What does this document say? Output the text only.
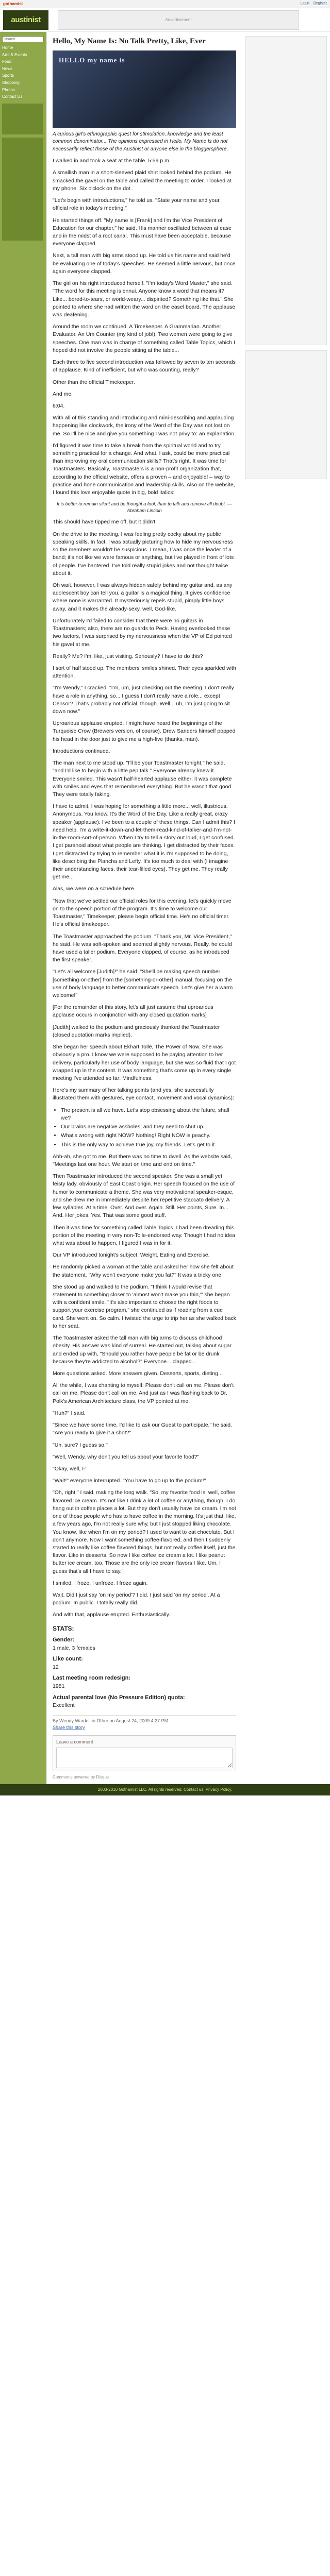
gothamist	Login Register
austinist	Advertisement
Search
Home
Arts & Events
Food
News
Sports
Shopping
Photos
Contact Us
Hello, My Name Is: No Talk Pretty, Like, Ever
HELLO my name is

A curious girl's ethnographic quest for stimulation, knowledge and the least common denominator... The opinions expressed in Hello, My Name Is do not necessarily reflect those of the Austinist or anyone else in the bloggersphere.

I walked in and took a seat at the table. 5:59 p.m.

A smallish man in a short-sleeved plaid shirt looked behind the podium. He smacked the gavel on the table and called the meeting to order. I looked at my phone. Six o'clock on the dot.

"Let's begin with introductions," he told us. "State your name and your official role in today's meeting."

He started things off. "My name is [Frank] and I'm the Vice President of Education for our chapter," he said. His manner oscillated between at ease and in the midst of a root canal. This must have been acceptable, because everyone clapped.

Next, a tall man with big arms stood up. He told us his name and said he'd be evaluating one of today's speeches. He seemed a little nervous, but once again everyone clapped.

The girl on his right introduced herself. "I'm today's Word Master," she said. "The word for this meeting is ennui. Anyone know a word that means it? Like... bored-to-tears, or world-weary... dispirited? Something like that." She pointed to where she had written the word on the easel board. The applause was deafening.

Around the room we continued. A Timekeeper. A Grammarian. Another Evaluator. An Um Counter (my kind of job!). Two women were going to give speeches. One man was in charge of something called Table Topics, which I hoped did not involve the people sitting at the table...

Each three to five second introduction was followed by seven to ten seconds of applause. Kind of inefficient, but who was counting, really?

Other than the official Timekeeper.

And me.

6:04.

With all of this standing and introducing and mini-describing and applauding happening like clockwork, the irony of the Word of the Day was not lost on me. So I'll be nice and give you something I was not privy to: an explanation.

I'd figured it was time to take a break from the spiritual world and to try something practical for a change. And what, I ask, could be more practical than improving my oral communication skills? That's right. It was time for Toastmasters. Basically, Toastmasters is a non-profit organization that, according to the official website, offers a proven – and enjoyable! – way to practice and hone communication and leadership skills. Also on the website, I found this love enjoyable quote in big, bold italics:

It is better to remain silent and be thought a fool, than to talk and remove all doubt. — Abraham Lincoln

This should have tipped me off, but it didn't.

On the drive to the meeting, I was feeling pretty cocky about my public speaking skills. In fact, I was actually picturing how to hide my nervousness so the members wouldn't be suspicious. I mean, I was once the leader of a band; it's not like we were famous or anything, but I've played in front of lots of people. I've bantered. I've told really stupid jokes and not thought twice about it.

Oh wait, however, I was always hidden safely behind my guitar and, as any adolescent boy can tell you, a guitar is a magical thing. It gives confidence where none is warranted. It mysteriously repels stupid, pimply little boys away, and it makes the already-sexy, well, God-like.

Unfortunately I'd failed to consider that there were no guitars in Toastmasters; also, there are no guards to Peck. Having overlooked these two factors, I was surprised by my nervousness when the VP of Ed pointed his gavel at me.

Really? Me? I'm, like, just visiting. Seriously? I have to do this?

I sort of half stood up. The members' smiles shined. Their eyes sparkled with attention.

"I'm Wendy," I cracked. "I'm, um, just checking out the meeting. I don't really have a role in anything, so... I guess I don't really have a role... except Censor? That's probably not official, though. Well... uh, I'm just going to sit down now."

Uproarious applause erupted. I might have heard the beginnings of the Turquoise Crow (Brewers version, of course). Drew Sanders himself popped his head in the door just to give me a high-five (thanks, man).

Introductions continued.

The man next to me stood up. "I'll be your Toastmaster tonight," he said, "and I'd like to begin with a little pep talk." Everyone already knew it. Everyone smiled. This wasn't half-hearted applause either: it was complete with smiles and eyes that remembered everything. But he wasn't that good. They were totally faking.

I have to admit, I was hoping for something a little more... well, illustrious. Anonymous. You know. It's the Word of the Day. Like a really great, crazy speaker (applause). I've been to a couple of these things. Can I admit this? I need help. I'm a write-it-down-and-let-them-read-kind-of-talker-and-I'm-not-in-the-room-sort-of-person. When I try to tell a story out loud, I get confused. I get paranoid about what people are thinking. I get distracted by their faces. I get distracted by trying to remember what it is I'm supposed to be doing, like describing the Plancha and Lefty. It's too much to deal with (I imagine their understanding faces, their tear-filled eyes). They get me. They really get me...

Alas, we were on a schedule here.

"Now that we've settled our official roles for this evening, let's quickly move on to the speech portion of the program. It's time to welcome our Toastmaster," Timekeeper, please begin official time. He's no official timer. He's official timekeeper.

The Toastmaster approached the podium. "Thank you, Mr. Vice President," he said. He was soft-spoken and seemed slightly nervous. Really, he could have used a taller podium. Everyone clapped, of course, as he introduced the first speaker.

"Let's all welcome [Judith]!" he said. "She'll be making speech number [something-or-other] from the [something-or-other] manual, focusing on the use of body language to better communicate speech. Let's give her a warm welcome!"

[For the remainder of this story, let's all just assume that uproarious applause occurs in conjunction with any closed quotation marks]

[Judith] walked to the podium and graciously thanked the Toastmaster (closed quotation marks implied).

She began her speech about Ekhart Tolle, The Power of Now. She was obviously a pro. I know we were supposed to be paying attention to her delivery, particularly her use of body language, but she was so fluid that I got wrapped up in the content. It was something that's come up in every single meeting I've attended so far: Mindfulness.

Here's my summary of her talking points (and yes, she successfully illustrated them with gestures, eye contact, movement and vocal dynamics):

• The present is all we have. Let's stop obsessing about the future, shall we?
• Our brains are negative assholes, and they need to shut up.
• What's wrong with right NOW? Nothing! Right NOW is peachy.
• This is the only way to achieve true joy, my friends. Let's get to it.

Ahh-ah, she got to me. But there was no time to dwell. As the website said, "Meetings last one hour. We start on time and end on time."

Then Toastmaster introduced the second speaker. She was a small yet feisty lady, obviously of East Coast origin. Her speech focused on the use of humor to communicate a theme. She was very motivational speaker-esque, and she drew me in immediately despite her repetitive staccato delivery. A few syllables. At a time. Over. And over. Again. Still. Her points, Sure. In... And. Her jokes. Yes. That was some good stuff.

Then it was time for something called Table Topics. I had been dreading this portion of the meeting in very non-Tolle-endorsed way. Though I had no idea what was about to happen, I figured I was in for it.

Our VP introduced tonight's subject: Weight, Eating and Exercise.

He randomly picked a woman at the table and asked her how she felt about the statement, "Why won't everyone make you fat?" It was a tricky one.

She stood up and walked to the podium. "I think I would revise that statement to something closer to 'almost won't make you thin,'" she began with a confident smile. "It's also important to choose the right foods to support your exercise program," she continued as if reading from a cue card. She went on. So calm. I twisted the urge to trip her as she walked back to her seat.

The Toastmaster asked the tall man with big arms to discuss childhood obesity. His answer was kind of surreal. He started out, talking about sugar and ended up with, "Should you rather have people be fat or be drunk because they're addicted to alcohol?" Everyone... clapped...

More questions asked. More answers given. Desserts, sports, dieting...

All the while, I was chanting to myself: Please don't call on me. Please don't call on me. Please don't call on me. And just as I was flashing back to Dr. Polk's American Architecture class, the VP pointed at me.

"Huh?" I said.

"Since we have some time, I'd like to ask our Guest to participate," he said. "Are you ready to give it a shot?"

"Uh, sure? I guess so."

"Well, Wendy, why don't you tell us about your favorite food?"

"Okay, well, I-"

"Wait!" everyone interrupted. "You have to go up to the podium!"

"Oh, right," I said, making the long walk. "So, my favorite food is, well, coffee flavored ice cream. It's not like I drink a lot of coffee or anything, though. I do hang out in coffee places a lot. But they don't usually have ice cream. I'm not one of those people who has to have coffee in the morning. It's just that, like, a few years ago, I'm not really sure why, but I just stopped liking chocolate. You know, like when I'm on my period? I used to want to eat chocolate. But I don't anymore. Now I want something coffee-flavored, and then I suddenly started to really like coffee flavored things, but not really coffee itself, just the flavor. Like in desserts. So now I like coffee ice cream a lot. I like peanut butter ice cream, too. Those are the only ice cream flavors I like. Um. I guess that's all I have to say."

I smiled. I froze. I unfroze. I froze again.

Wait. Did I just say 'on my period'? I did. I just said 'on my period'. At a podium. In public. I totally really did.

And with that, applause erupted. Enthusiastically.

STATS:
Gender:
1 male, 3 females
Like count:
12
Last meeting room redesign:
1981
Actual parental love (No Pressure Edition) quota:
Excellent
By Wendy Wardell in Other on August 24, 2009 4:27 PM
Share this story
Leave a comment
Comments powered by Disqus
2003-2010 Gothamist LLC. All rights reserved. Contact us. Privacy Policy.
